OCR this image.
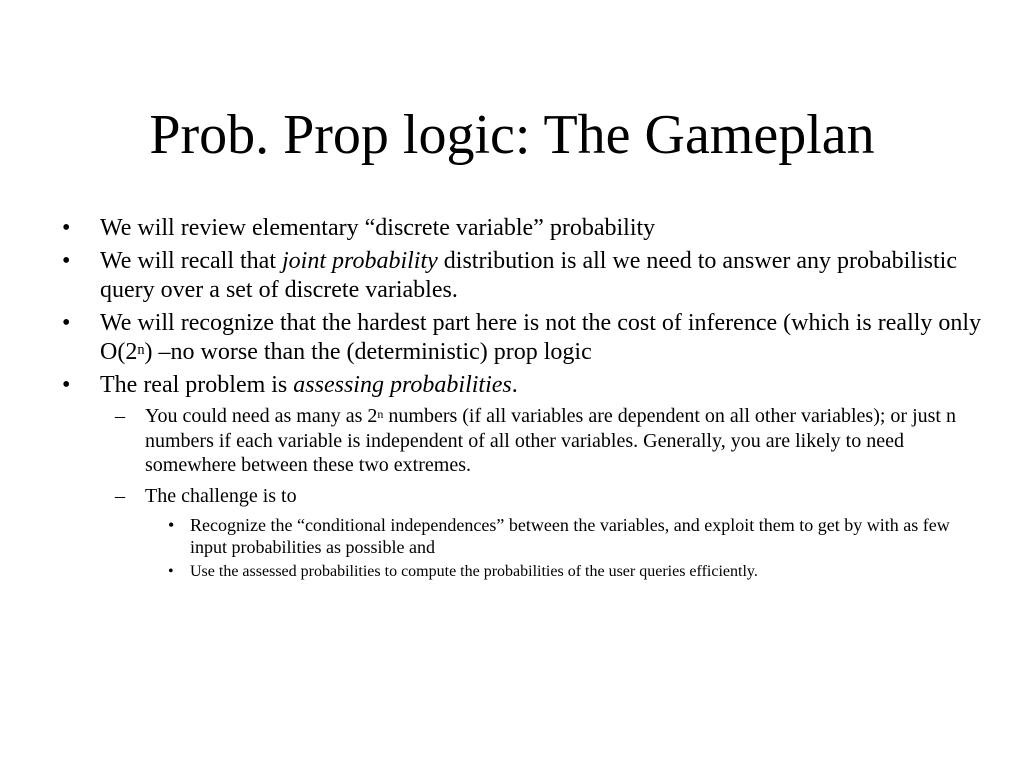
Prob. Prop logic: The Gameplan
• We will review elementary “discrete variable” probability
• We will recall that joint probability distribution is all we need to answer any probabilistic query over a set of discrete variables.
• We will recognize that the hardest part here is not the cost of inference (which is really only O(2$^n$) –no worse than the (deterministic) prop logic
• The real problem is assessing probabilities.
– You could need as many as 2$^n$ numbers (if all variables are dependent on all other variables); or just n numbers if each variable is independent of all other variables. Generally, you are likely to need somewhere between these two extremes.
– The challenge is to
• Recognize the “conditional independences” between the variables, and exploit them to get by with as few input probabilities as possible and
• Use the assessed probabilities to compute the probabilities of the user queries efficiently.
